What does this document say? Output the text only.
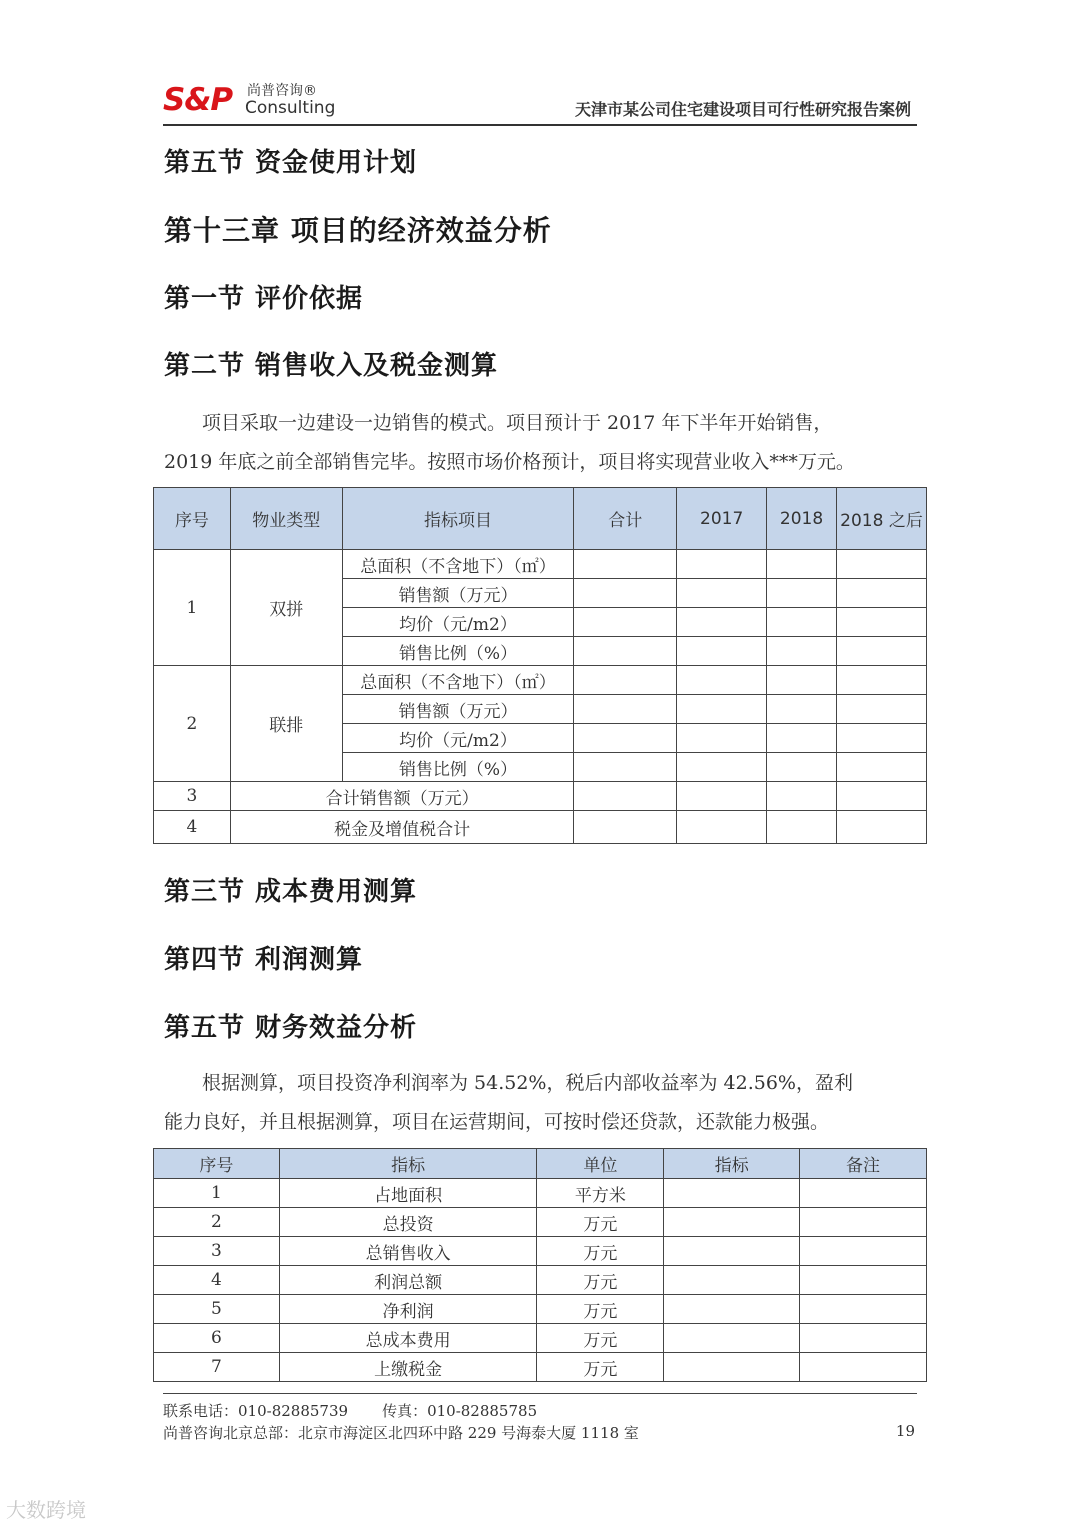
S&P 尚普咨询®
Consulting	天津市某公司住宅建设项目可行性研究报告案例
第五节 资金使用计划
第十三章 项目的经济效益分析
第一节 评价依据
第二节 销售收入及税金测算

项目采取一边建设一边销售的模式。项目预计于 2017 年下半年开始销售，

2019 年底之前全部销售完毕。按照市场价格预计，项目将实现营业收入***万元。

序号	物业类型	指标项目	合计	2017	2018	2018 之后
1	双拼	总面积（不含地下）（㎡）				
		销售额（万元）				
		均价（元/m2）				
		销售比例（%）				
2	联排	总面积（不含地下）（㎡）				
		销售额（万元）				
		均价（元/m2）				
		销售比例（%）				
3	合计销售额（万元）					
4	税金及增值税合计					
第三节 成本费用测算
第四节 利润测算
第五节 财务效益分析

根据测算，项目投资净利润率为 54.52%，税后内部收益率为 42.56%，盈利

能力良好，并且根据测算，项目在运营期间，可按时偿还贷款，还款能力极强。

序号	指标	单位	指标	备注
1	占地面积	平方米		
2	总投资	万元		
3	总销售收入	万元		
4	利润总额	万元		
5	净利润	万元		
6	总成本费用	万元		
7	上缴税金	万元		
联系电话：010-82885739 传真：010-82885785
尚普咨询北京总部：北京市海淀区北四环中路 229 号海泰大厦 1118 室	19
大数跨境
